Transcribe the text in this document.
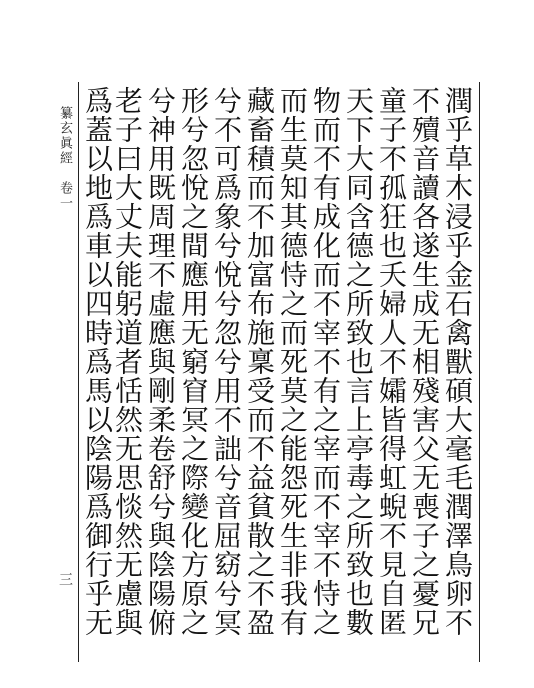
纂玄眞經　卷一
三
潤乎草木浸乎金石禽獸碩大毫毛潤澤鳥卵不
不殰音讀各遂生成无相殘害父无喪子之憂兄
童子不孤狂也夭婦人不孀皆得虹蜺不見自匿
天下大同含德之所致也言上亭毒之所致也數
物而不有成化而不宰不有之宰而不宰不恃之
而生莫知其德恃之而死莫之能怨死生非我有
藏畜積而不加富布施稟受而不益貧散之不盈
兮不可爲象兮悅兮忽兮用不詘兮音屈窈兮冥
形兮忽悅之間應用无窮窅冥之際變化方原之
兮神用既周理不虛應與剛柔卷舒兮與陰陽俯
老子曰大丈夫能躬道者恬然无思惔然无慮與
爲蓋以地爲車以四時爲馬以陰陽爲御行乎无
